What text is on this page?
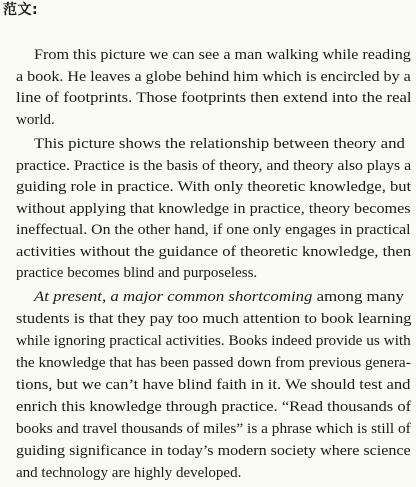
范文:
From this picture we can see a man walking while reading
a book. He leaves a globe behind him which is encircled by a
line of footprints. Those footprints then extend into the real
world.
This picture shows the relationship between theory and
practice. Practice is the basis of theory, and theory also plays a
guiding role in practice. With only theoretic knowledge, but
without applying that knowledge in practice, theory becomes
ineffectual. On the other hand, if one only engages in practical
activities without the guidance of theoretic knowledge, then
practice becomes blind and purposeless.
At present, a major common shortcoming among many
students is that they pay too much attention to book learning
while ignoring practical activities. Books indeed provide us with
the knowledge that has been passed down from previous genera-
tions, but we can’t have blind faith in it. We should test and
enrich this knowledge through practice. “Read thousands of
books and travel thousands of miles” is a phrase which is still of
guiding significance in today’s modern society where science
and technology are highly developed.
